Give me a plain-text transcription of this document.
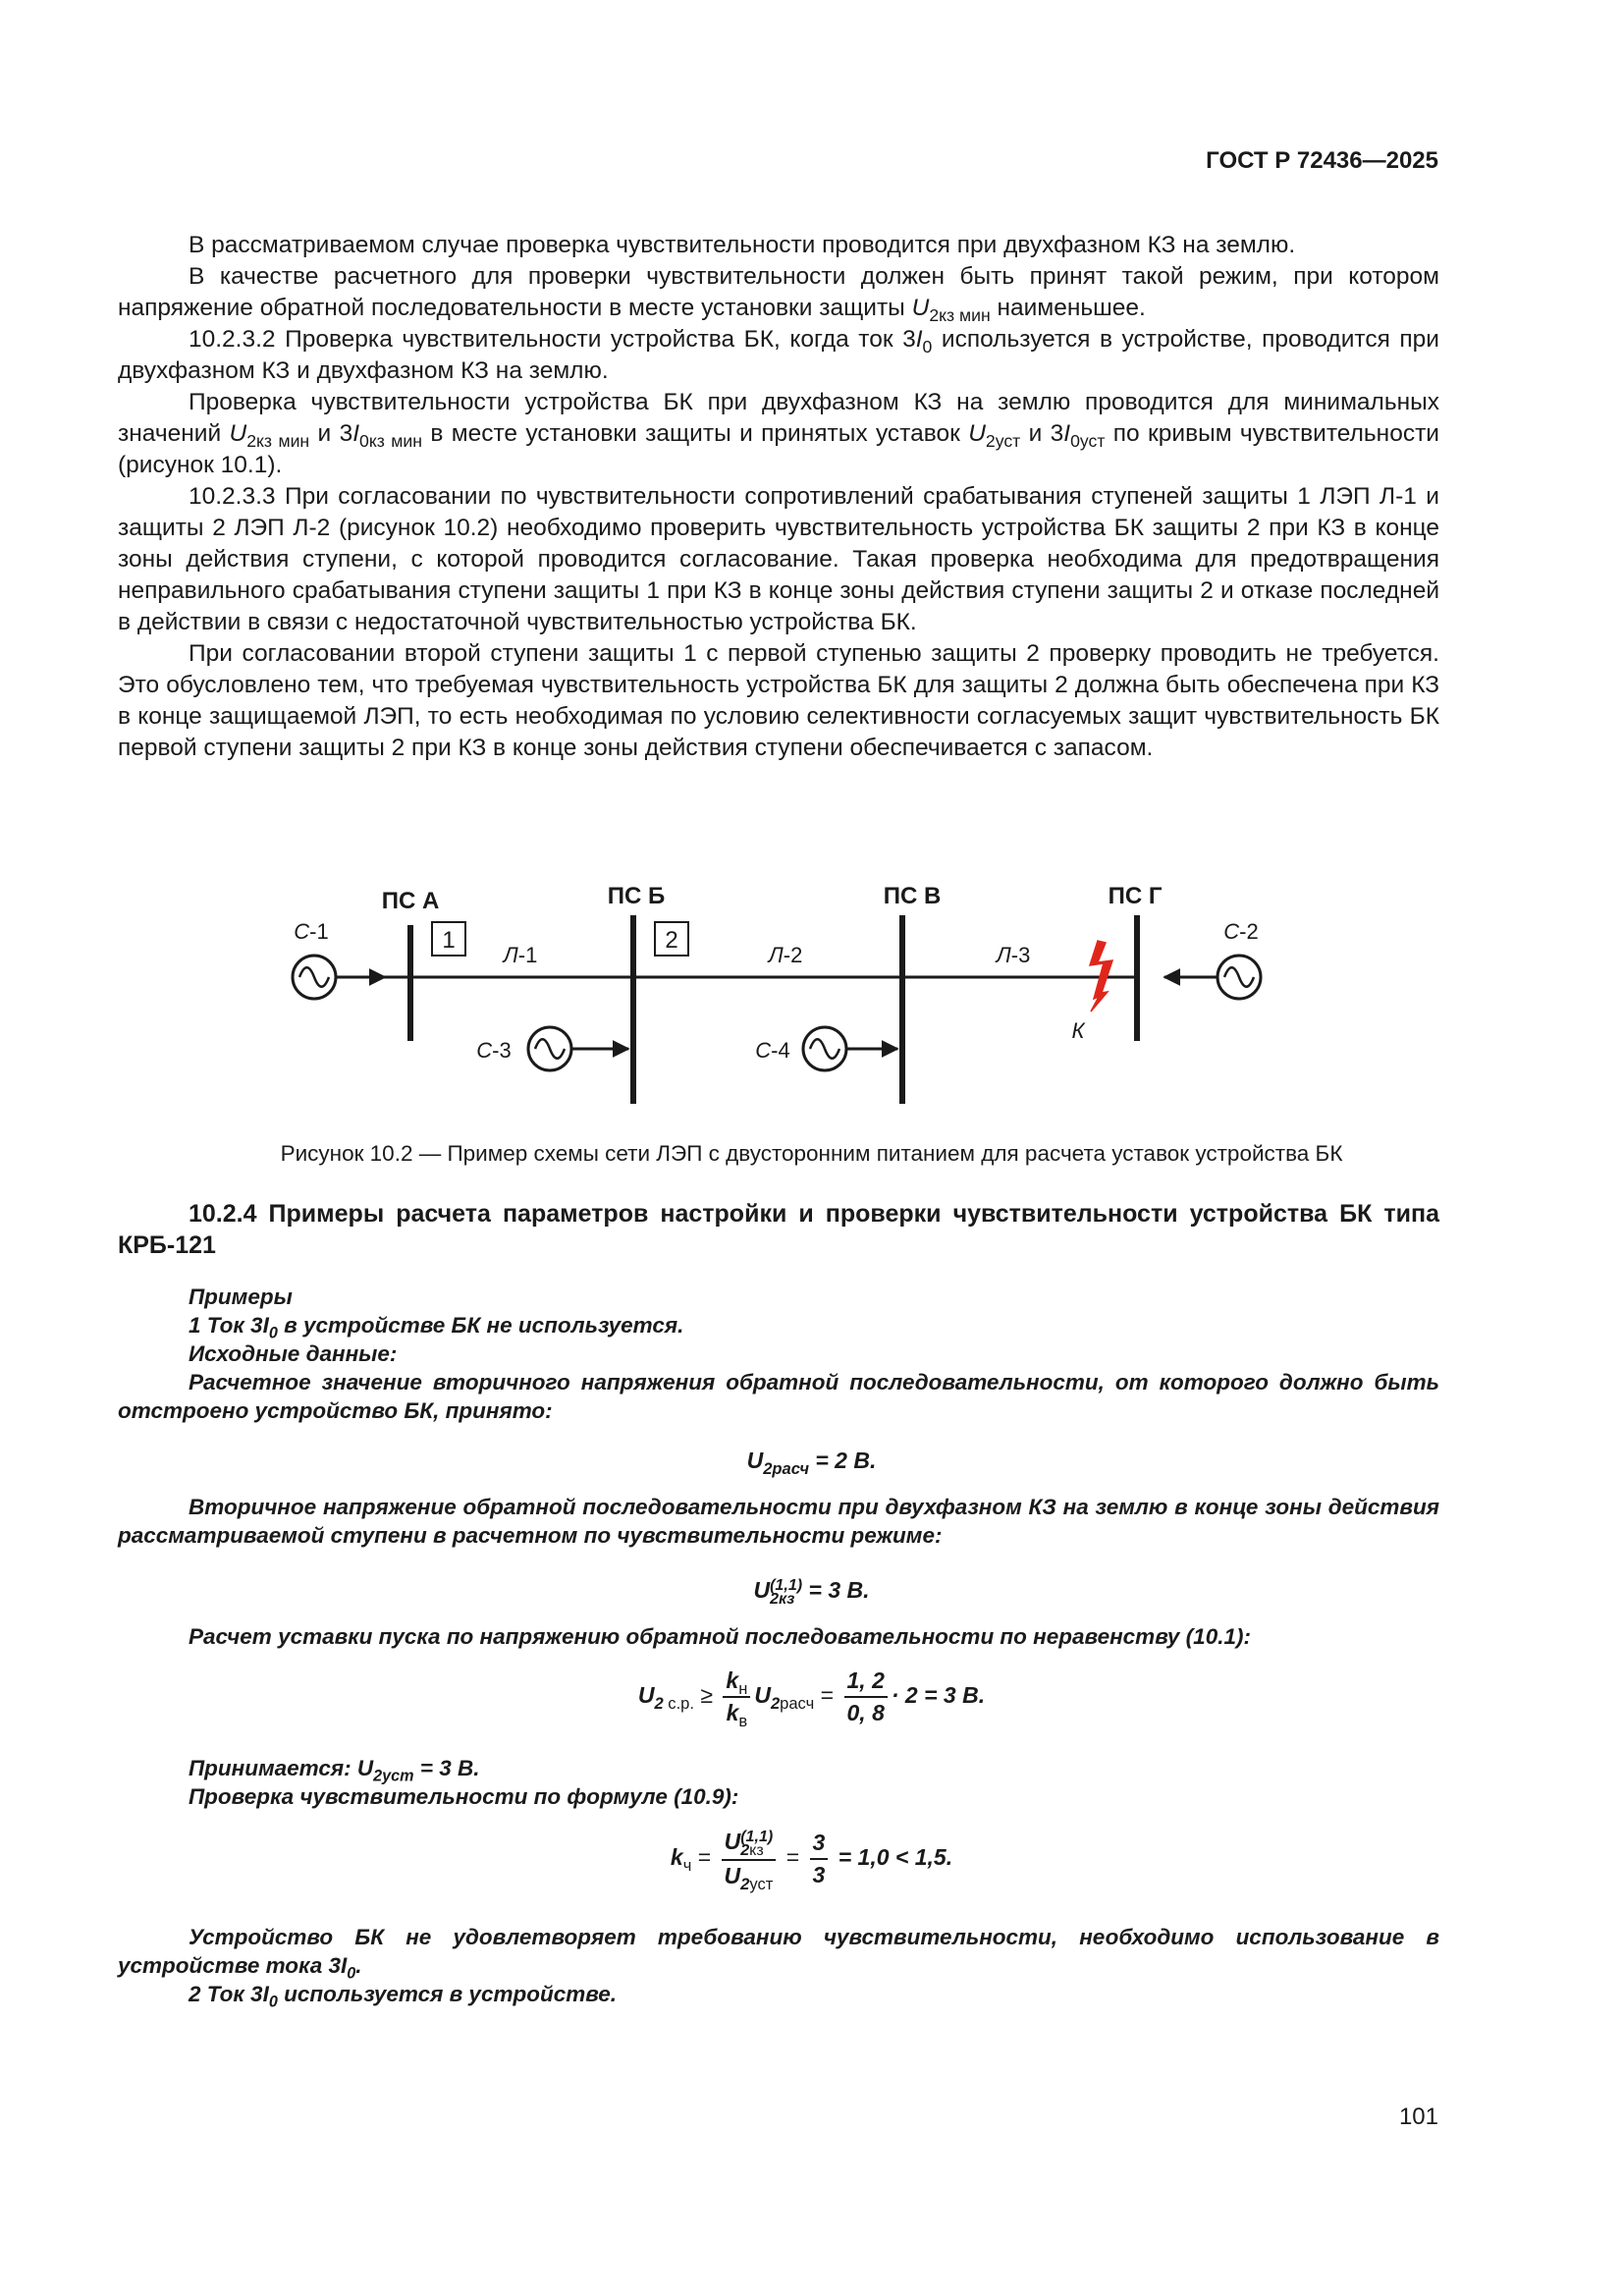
ГОСТ Р 72436—2025

В рассматриваемом случае проверка чувствительности проводится при двухфазном КЗ на землю.

В качестве расчетного для проверки чувствительности должен быть принят такой режим, при котором напряжение обратной последовательности в месте установки защиты $U_{2кз мин}$ наименьшее.

10.2.3.2 Проверка чувствительности устройства БК, когда ток $3I_0$ используется в устройстве, проводится при двухфазном КЗ и двухфазном КЗ на землю.

Проверка чувствительности устройства БК при двухфазном КЗ на землю проводится для минимальных значений $U_{2кз мин}$ и $3I_{0кз мин}$ в месте установки защиты и принятых уставок $U_{2уст}$ и $3I_{0уст}$ по кривым чувствительности (рисунок 10.1).

10.2.3.3 При согласовании по чувствительности сопротивлений срабатывания ступеней защиты 1 ЛЭП Л-1 и защиты 2 ЛЭП Л-2 (рисунок 10.2) необходимо проверить чувствительность устройства БК защиты 2 при КЗ в конце зоны действия ступени, с которой проводится согласование. Такая проверка необходима для предотвращения неправильного срабатывания ступени защиты 1 при КЗ в конце зоны действия ступени защиты 2 и отказе последней в действии в связи с недостаточной чувствительностью устройства БК.

При согласовании второй ступени защиты 1 с первой ступенью защиты 2 проверку проводить не требуется. Это обусловлено тем, что требуемая чувствительность устройства БК для защиты 2 должна быть обеспечена при КЗ в конце защищаемой ЛЭП, то есть необходимая по условию селективности согласуемых защит чувствительность БК первой ступени защиты 2 при КЗ в конце зоны действия ступени обеспечивается с запасом.

ПС А	ПС Б	ПС В	ПС Г
1	2
Л-1	Л-2	Л-3
С-1	С-2
С-3	С-4
К
Рисунок 10.2 — Пример схемы сети ЛЭП с двусторонним питанием для расчета уставок устройства БК
10.2.4 Примеры расчета параметров настройки и проверки чувствительности устройства БК типа КРБ-121

Примеры

1 Ток $3I_0$ в устройстве БК не используется.

Исходные данные:

Расчетное значение вторичного напряжения обратной последовательности, от которого должно быть отстроено устройство БК, принято:

$U_{2расч} = 2$ В.

Вторичное напряжение обратной последовательности при двухфазном КЗ на землю в конце зоны действия рассматриваемой ступени в расчетном по чувствительности режиме:

U (1,1)
2кз = 3 В.

Расчет уставки пуска по напряжению обратной последовательности по неравенству (10.1):

$U_{2 с.р.} \ge \frac{k_н}{k_в} U_{2расч} = \frac{1, 2}{0, 8} \cdot 2 = 3$ В.

Принимается: $U_{2уст} = 3$ В.

Проверка чувствительности по формуле (10.9):

$k_ч = U$ (1,1)
2кз
$U_{2уст} = \frac{3}{3} = 1,0 < 1,5$.

Устройство БК не удовлетворяет требованию чувствительности, необходимо использование в устройстве тока $3I_0$.

2 Ток $3I_0$ используется в устройстве.

101
